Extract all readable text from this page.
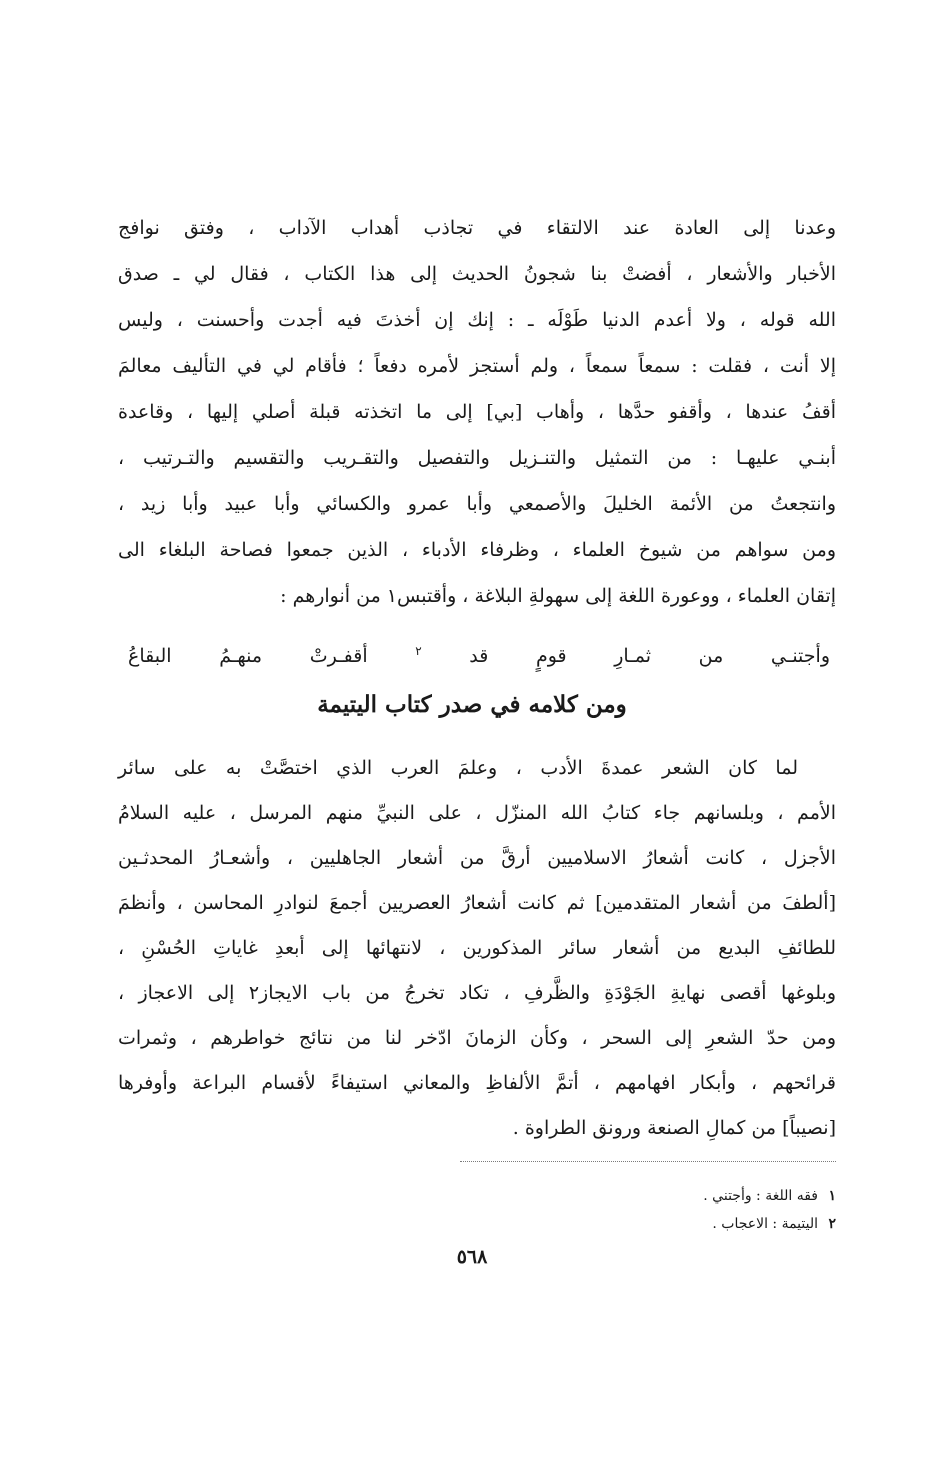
وعدنا إلى العادة عند الالتقاء في تجاذب أهداب الآداب ، وفتق نوافج
الأخبار والأشعار ، أفضتْ بنا شجونُ الحديث إلى هذا الكتاب ، فقال لي ـ صدق
الله قوله ، ولا أعدم الدنيا طَوْلَه ـ : إنك إن أخذتَ فيه أجدت وأحسنت ، وليس
إلا أنت ، فقلت : سمعاً سمعاً ، ولم أستجز لأمره دفعاً ؛ فأقام لي في التأليف معالمَ
أقفُ عندها ، وأقفو حدَّها ، وأهاب [بي] إلى ما اتخذته قبلة أصلي إليها ، وقاعدة
أبنـي عليهـا : من التمثيل والتنـزيل والتفصيل والتقـريب والتقسيم والتـرتيب ،
وانتجعتُ من الأئمة الخليلَ والأصمعي وأبا عمرو والكسائي وأبا عبيد وأبا زيد ،
ومن سواهم من شيوخ العلماء ، وظرفاء الأدباء ، الذين جمعوا فصاحة البلغاء الى
إتقان العلماء ، ووعورة اللغة إلى سهولةِ البلاغة ، وأقتبس١ من أنوارهم :
وأجتنـي
من
ثمـارِ
قومٍ
قد
٢
أقفـرتْ
منهـمُ
البقاعُ
ومن كلامه في صدر كتاب اليتيمة
لما كان الشعر عمدةَ الأدب ، وعلمَ العرب الذي اختصَّتْ به على سائر
الأمم ، وبلسانهم جاء كتابُ الله المنزّل ، على النبيِّ منهم المرسل ، عليه السلامُ
الأجزل ، كانت أشعارُ الاسلاميين أرقَّ من أشعار الجاهليين ، وأشعـارُ المحدثـين
[ألطفَ من أشعار المتقدمين] ثم كانت أشعارُ العصريين أجمعَ لنوادرِ المحاسن ، وأنظمَ
للطائفِ البديع من أشعار سائر المذكورين ، لانتهائها إلى أبعدِ غاياتِ الحُسْنِ ،
وبلوغها أقصى نهايةِ الجَوْدَةِ والظَّرفِ ، تكاد تخرجُ من باب الايجاز٢ إلى الاعجاز ،
ومن حدّ الشعرِ إلى السحر ، وكأن الزمانَ ادّخر لنا من نتائج خواطرهم ، وثمرات
قرائحهم ، وأبكار افهامهم ، أتمَّ الألفاظِ والمعاني استيفاءً لأقسام البراعة وأوفرها
[نصيباً] من كمالِ الصنعة ورونق الطراوة .
١ فقه اللغة : وأجتني .
٢ اليتيمة : الاعجاب .
٥٦٨
